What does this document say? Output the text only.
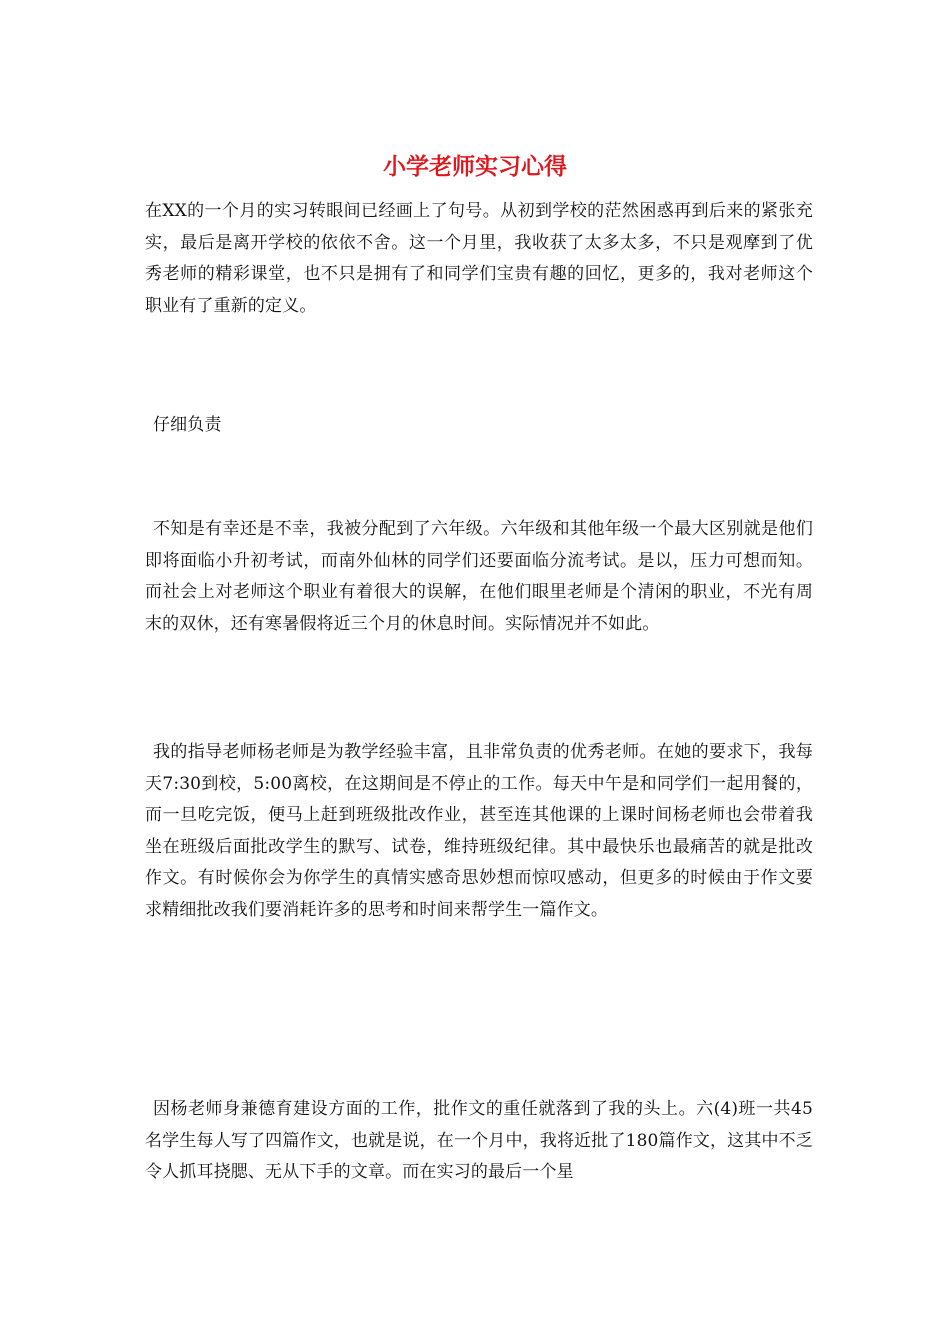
小学老师实习心得

在XX的一个月的实习转眼间已经画上了句号。从初到学校的茫然困惑再到后来的紧张充实，最后是离开学校的依依不舍。这一个月里，我收获了太多太多，不只是观摩到了优秀老师的精彩课堂，也不只是拥有了和同学们宝贵有趣的回忆，更多的，我对老师这个职业有了重新的定义。

仔细负责

不知是有幸还是不幸，我被分配到了六年级。六年级和其他年级一个最大区别就是他们即将面临小升初考试，而南外仙林的同学们还要面临分流考试。是以，压力可想而知。而社会上对老师这个职业有着很大的误解，在他们眼里老师是个清闲的职业，不光有周末的双休，还有寒暑假将近三个月的休息时间。实际情况并不如此。

我的指导老师杨老师是为教学经验丰富，且非常负责的优秀老师。在她的要求下，我每天7:30到校，5:00离校，在这期间是不停止的工作。每天中午是和同学们一起用餐的，而一旦吃完饭，便马上赶到班级批改作业，甚至连其他课的上课时间杨老师也会带着我坐在班级后面批改学生的默写、试卷，维持班级纪律。其中最快乐也最痛苦的就是批改作文。有时候你会为你学生的真情实感奇思妙想而惊叹感动，但更多的时候由于作文要求精细批改我们要消耗许多的思考和时间来帮学生一篇作文。

因杨老师身兼德育建设方面的工作，批作文的重任就落到了我的头上。六(4)班一共45名学生每人写了四篇作文，也就是说，在一个月中，我将近批了180篇作文，这其中不乏令人抓耳挠腮、无从下手的文章。而在实习的最后一个星
